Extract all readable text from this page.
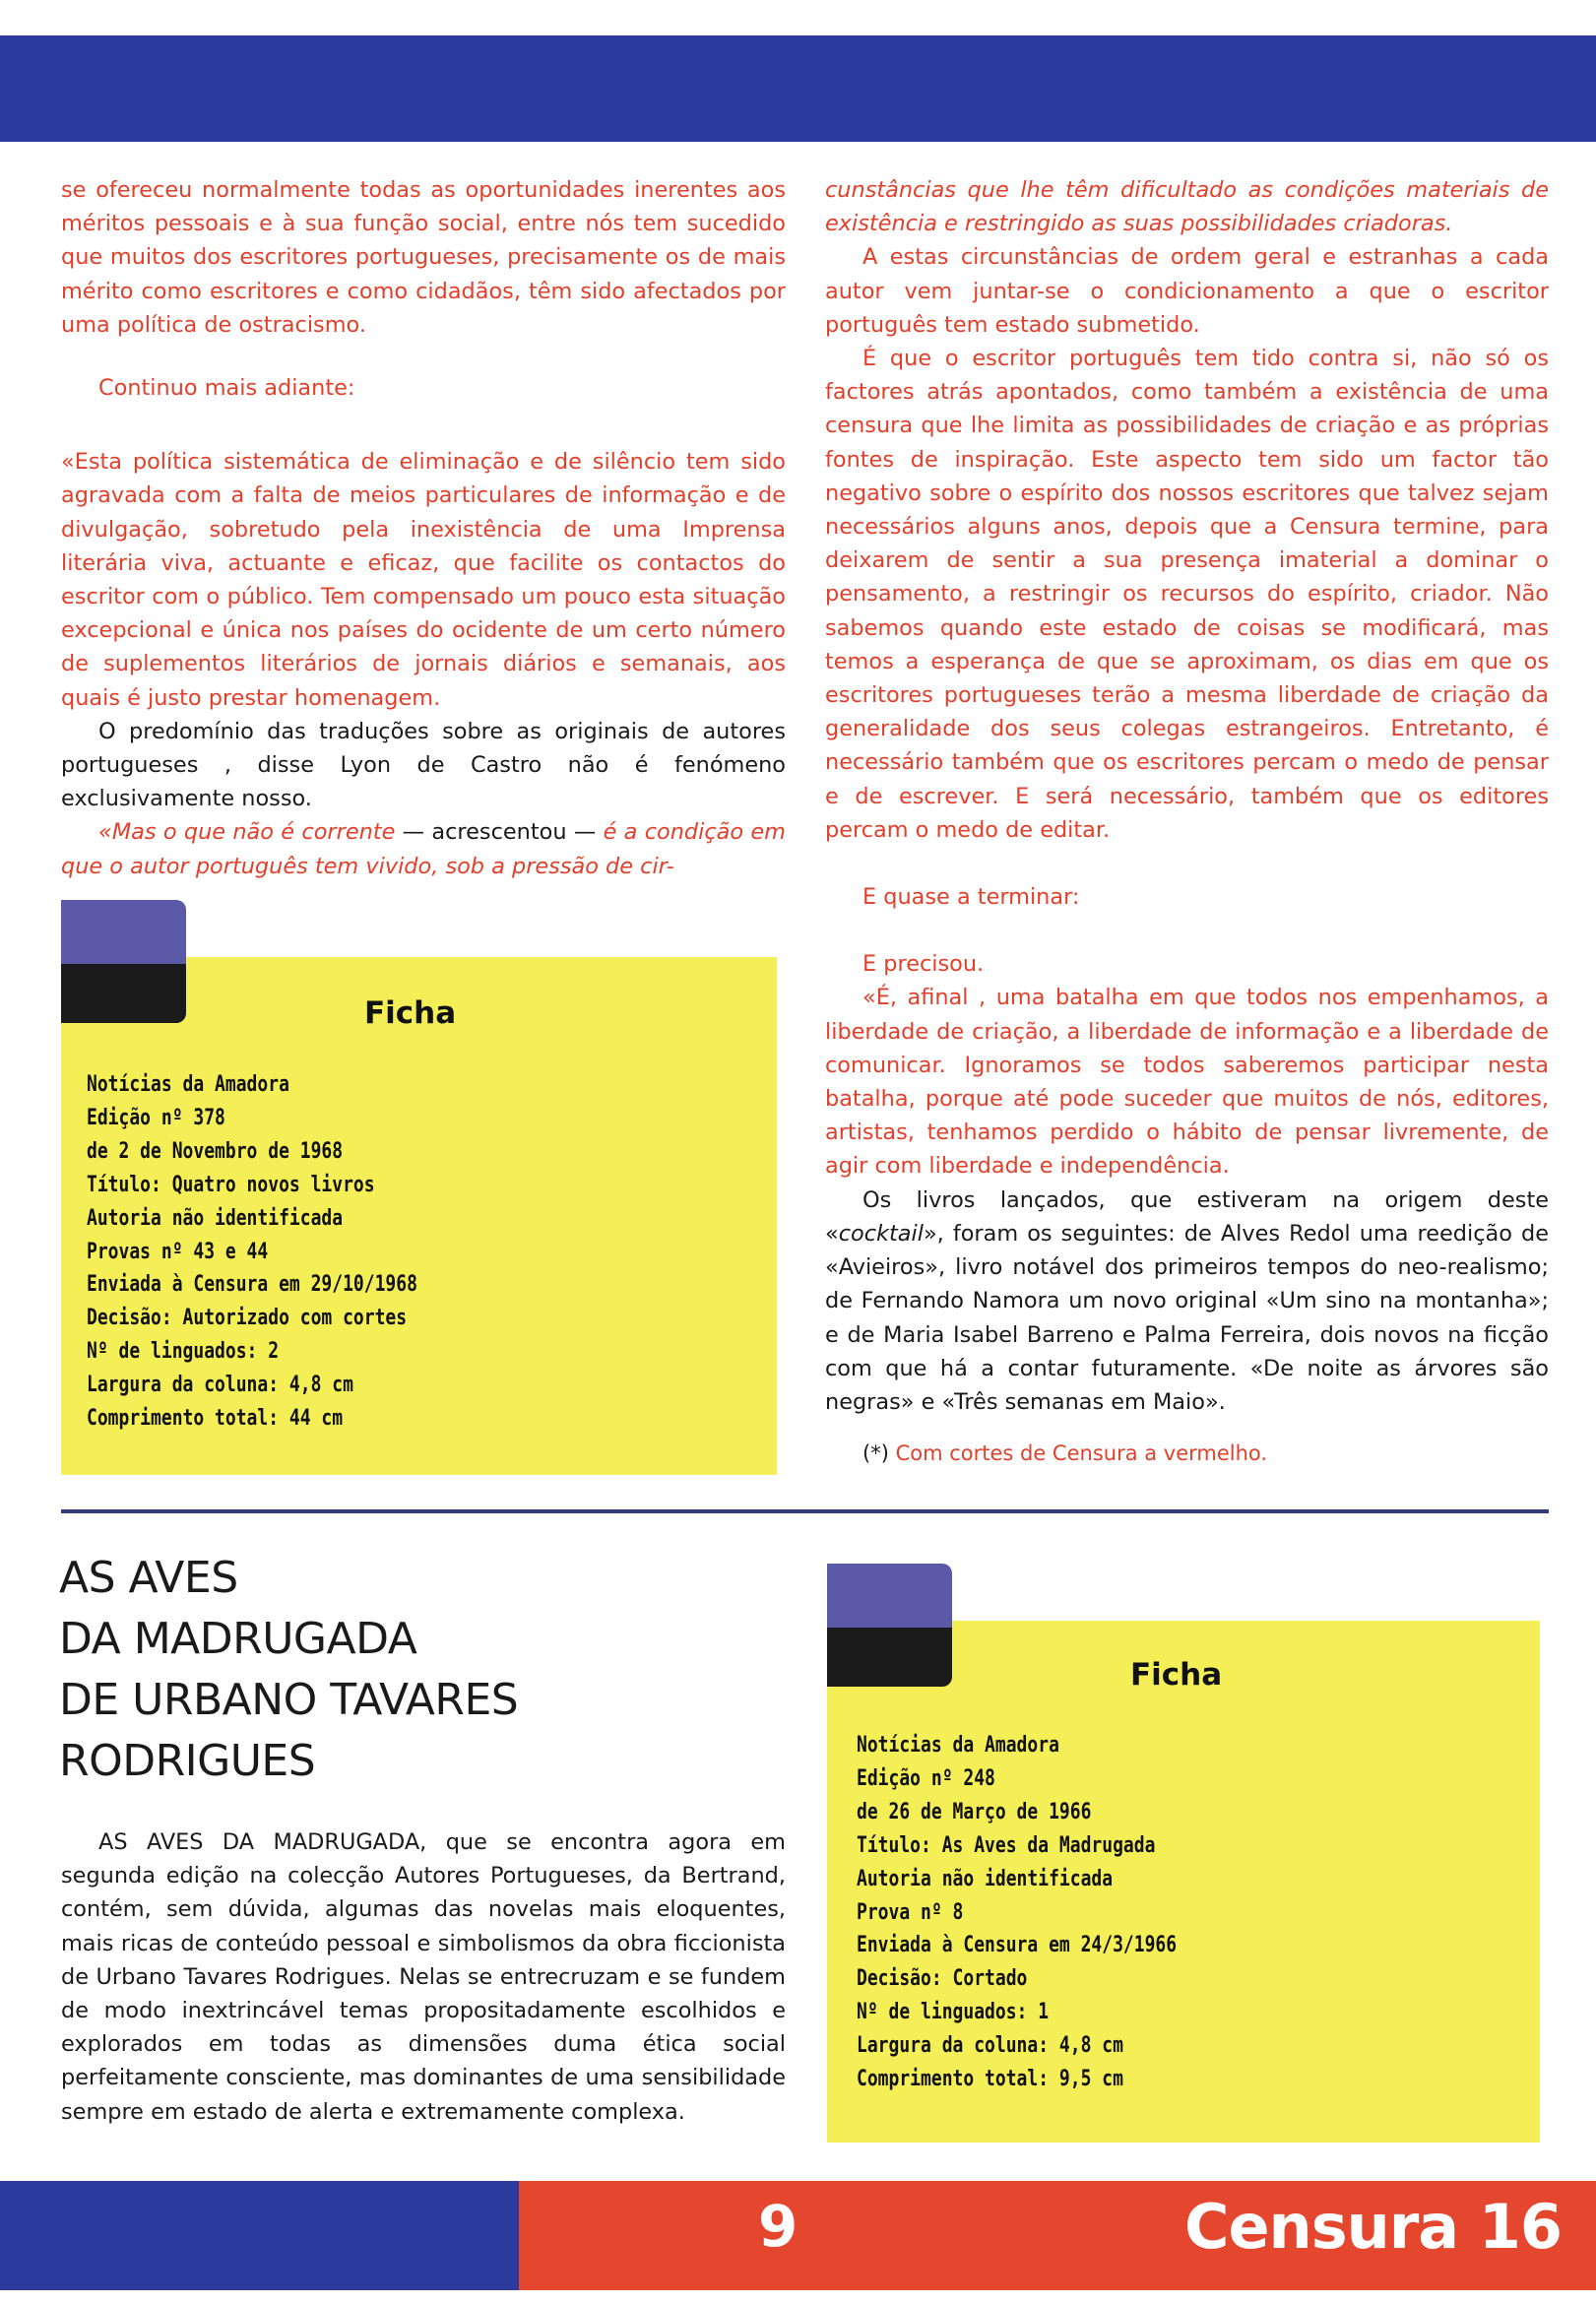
se ofereceu normalmente todas as oportunidades inerentes aos méritos pessoais e à sua função social, entre nós tem sucedido que muitos dos escritores portugueses, precisamente os de mais mérito como escritores e como cidadãos, têm sido afectados por uma política de ostracismo.

Continuo mais adiante:

«Esta política sistemática de eliminação e de silêncio tem sido agravada com a falta de meios particulares de informação e de divulgação, sobretudo pela inexistência de uma Imprensa literária viva, actuante e eficaz, que facilite os contactos do escritor com o público. Tem compensado um pouco esta situação excepcional e única nos países do ocidente de um certo número de suplementos literários de jornais diários e semanais, aos quais é justo prestar homenagem.

O predomínio das traduções sobre as originais de autores portugueses , disse Lyon de Castro não é fenómeno exclusivamente nosso.

«Mas o que não é corrente — acrescentou — é a condição em que o autor português tem vivido, sob a pressão de cir-

Ficha
Notícias da Amadora
Edição nº 378
de 2 de Novembro de 1968
Título: Quatro novos livros
Autoria não identificada
Provas nº 43 e 44
Enviada à Censura em 29/10/1968
Decisão: Autorizado com cortes
Nº de linguados: 2
Largura da coluna: 4,8 cm
Comprimento total: 44 cm

cunstâncias que lhe têm dificultado as condições materiais de existência e restringido as suas possibilidades criadoras.

A estas circunstâncias de ordem geral e estranhas a cada autor vem juntar-se o condicionamento a que o escritor português tem estado submetido.

É que o escritor português tem tido contra si, não só os factores atrás apontados, como também a existência de uma censura que lhe limita as possibilidades de criação e as próprias fontes de inspiração. Este aspecto tem sido um factor tão negativo sobre o espírito dos nossos escritores que talvez sejam necessários alguns anos, depois que a Censura termine, para deixarem de sentir a sua presença imaterial a dominar o pensamento, a restringir os recursos do espírito, criador. Não sabemos quando este estado de coisas se modificará, mas temos a esperança de que se aproximam, os dias em que os escritores portugueses terão a mesma liberdade de criação da generalidade dos seus colegas estrangeiros. Entretanto, é necessário também que os escritores percam o medo de pensar e de escrever. E será necessário, também que os editores percam o medo de editar.

E quase a terminar:

E precisou.

«É, afinal , uma batalha em que todos nos empenhamos, a liberdade de criação, a liberdade de informação e a liberdade de comunicar. Ignoramos se todos saberemos participar nesta batalha, porque até pode suceder que muitos de nós, editores, artistas, tenhamos perdido o hábito de pensar livremente, de agir com liberdade e independência.

Os livros lançados, que estiveram na origem deste «cocktail», foram os seguintes: de Alves Redol uma reedição de «Avieiros», livro notável dos primeiros tempos do neo-realismo; de Fernando Namora um novo original «Um sino na montanha»; e de Maria Isabel Barreno e Palma Ferreira, dois novos na ficção com que há a contar futuramente. «De noite as árvores são negras» e «Três semanas em Maio».

(*) Com cortes de Censura a vermelho.

AS AVES
DA MADRUGADA
DE URBANO TAVARES
RODRIGUES

AS AVES DA MADRUGADA, que se encontra agora em segunda edição na colecção Autores Portugueses, da Bertrand, contém, sem dúvida, algumas das novelas mais eloquentes, mais ricas de conteúdo pessoal e simbolismos da obra ficcionista de Urbano Tavares Rodrigues. Nelas se entrecruzam e se fundem de modo inextrincável temas propositadamente escolhidos e explorados em todas as dimensões duma ética social perfeitamente consciente, mas dominantes de uma sensibilidade sempre em estado de alerta e extremamente complexa.

Ficha
Notícias da Amadora
Edição nº 248
de 26 de Março de 1966
Título: As Aves da Madrugada
Autoria não identificada
Prova nº 8
Enviada à Censura em 24/3/1966
Decisão: Cortado
Nº de linguados: 1
Largura da coluna: 4,8 cm
Comprimento total: 9,5 cm
9	Censura 16
